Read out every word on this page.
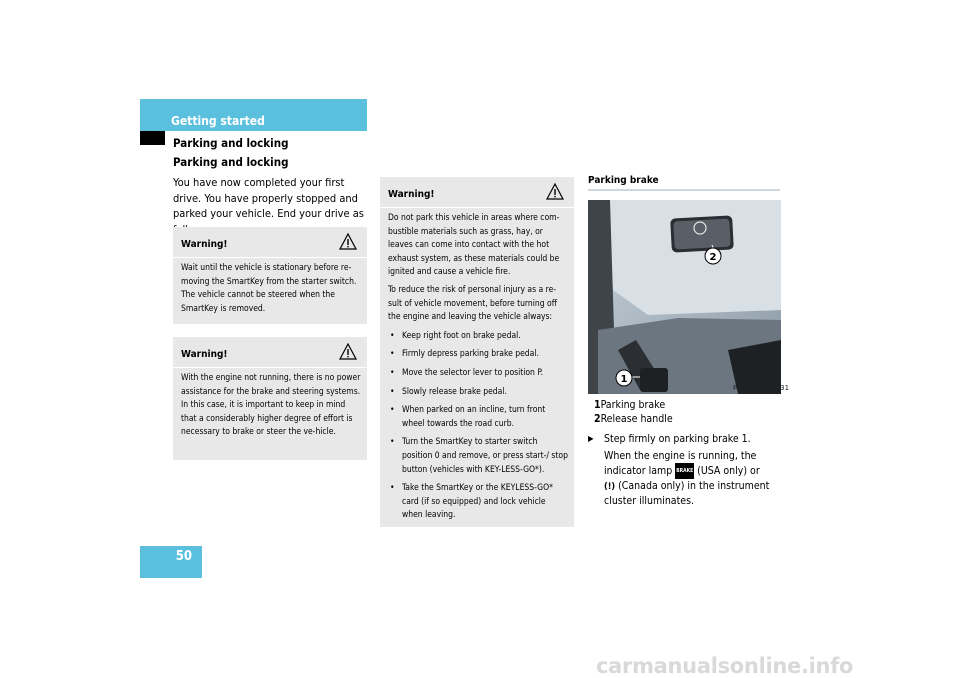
Getting started
Parking and locking
Parking and locking
You have now completed your first drive. You have properly stopped and parked your vehicle. End your drive as
Warning!
Wait until the vehicle is stationary before re-moving the SmartKey from the starter switch. The vehicle cannot be steered when the SmartKey is removed.
Warning!
With the engine not running, there is no power assistance for the brake and steering systems. In this case, it is important to keep in mind that a considerably higher degree of effort is necessary to brake or steer the ve-hicle.
Warning!
Do not park this vehicle in areas where com-bustible materials such as grass, hay, or leaves can come into contact with the hot exhaust system, as these materials could be ignited and cause a vehicle fire.
To reduce the risk of personal injury as a re-sult of vehicle movement, before turning off the engine and leaving the vehicle always:
• Keep right foot on brake pedal.
• Firmly depress parking brake pedal.
• Move the selector lever to position P.
• Slowly release brake pedal.
• When parked on an incline, turn front wheel towards the road curb.
• Turn the SmartKey to starter switch position 0 and remove, or press start-/ stop button (vehicles with KEY-LESS-GO*).
• Take the SmartKey or the KEYLESS-GO* card (if so equipped) and lock vehicle when leaving.
Parking brake
2
1
P42.20-2119-31
1Parking brake
2Release handle
▶ Step firmly on parking brake 1.
When the engine is running, the
indicator lamp BRAKE (USA only) or
(!) (Canada only) in the instrument
cluster illuminates.
50
carmanualsonline.info
